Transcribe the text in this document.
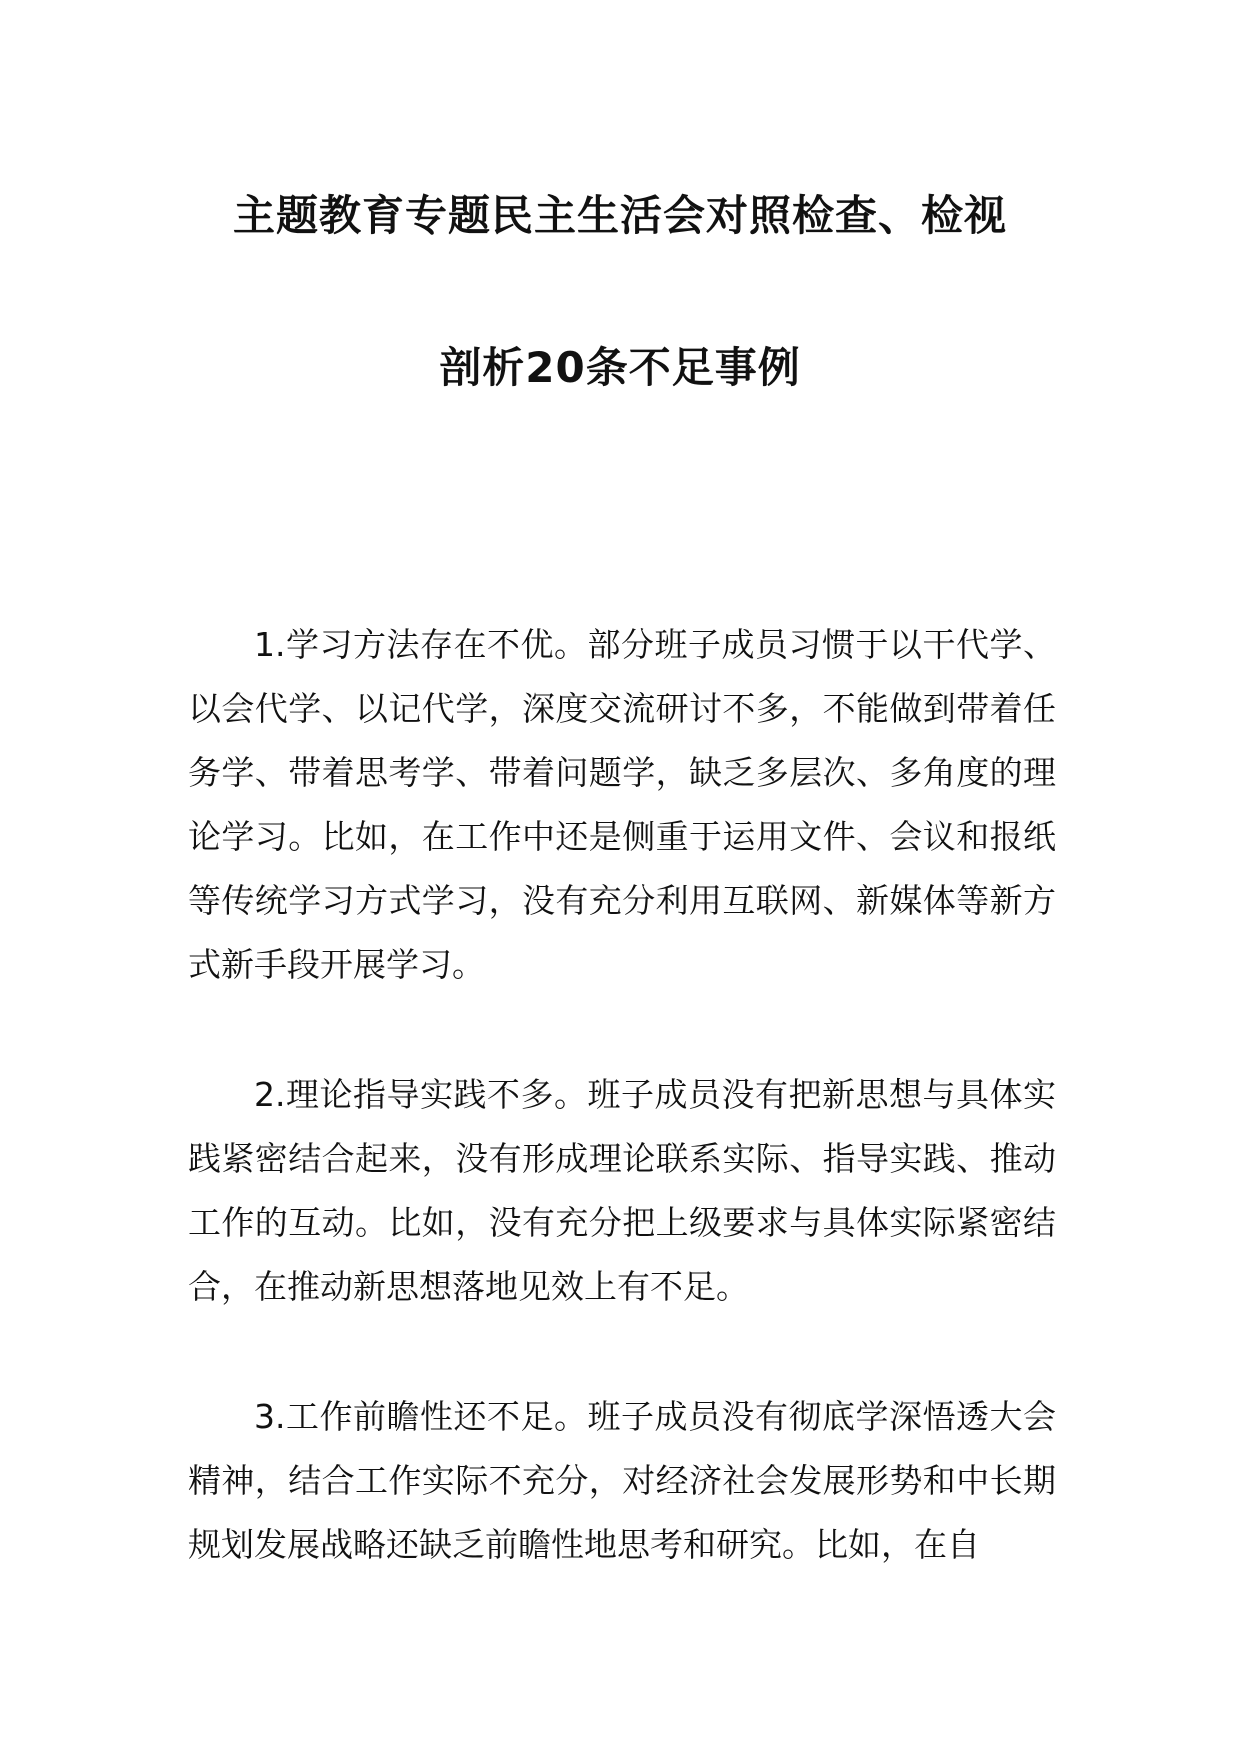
主题教育专题民主生活会对照检查、检视
剖析20条不足事例

1.学习方法存在不优。部分班子成员习惯于以干代学、以会代学、以记代学，深度交流研讨不多，不能做到带着任务学、带着思考学、带着问题学，缺乏多层次、多角度的理论学习。比如，在工作中还是侧重于运用文件、会议和报纸等传统学习方式学习，没有充分利用互联网、新媒体等新方式新手段开展学习。

2.理论指导实践不多。班子成员没有把新思想与具体实践紧密结合起来，没有形成理论联系实际、指导实践、推动工作的互动。比如，没有充分把上级要求与具体实际紧密结合，在推动新思想落地见效上有不足。

3.工作前瞻性还不足。班子成员没有彻底学深悟透大会精神，结合工作实际不充分，对经济社会发展形势和中长期规划发展战略还缺乏前瞻性地思考和研究。比如，在自
